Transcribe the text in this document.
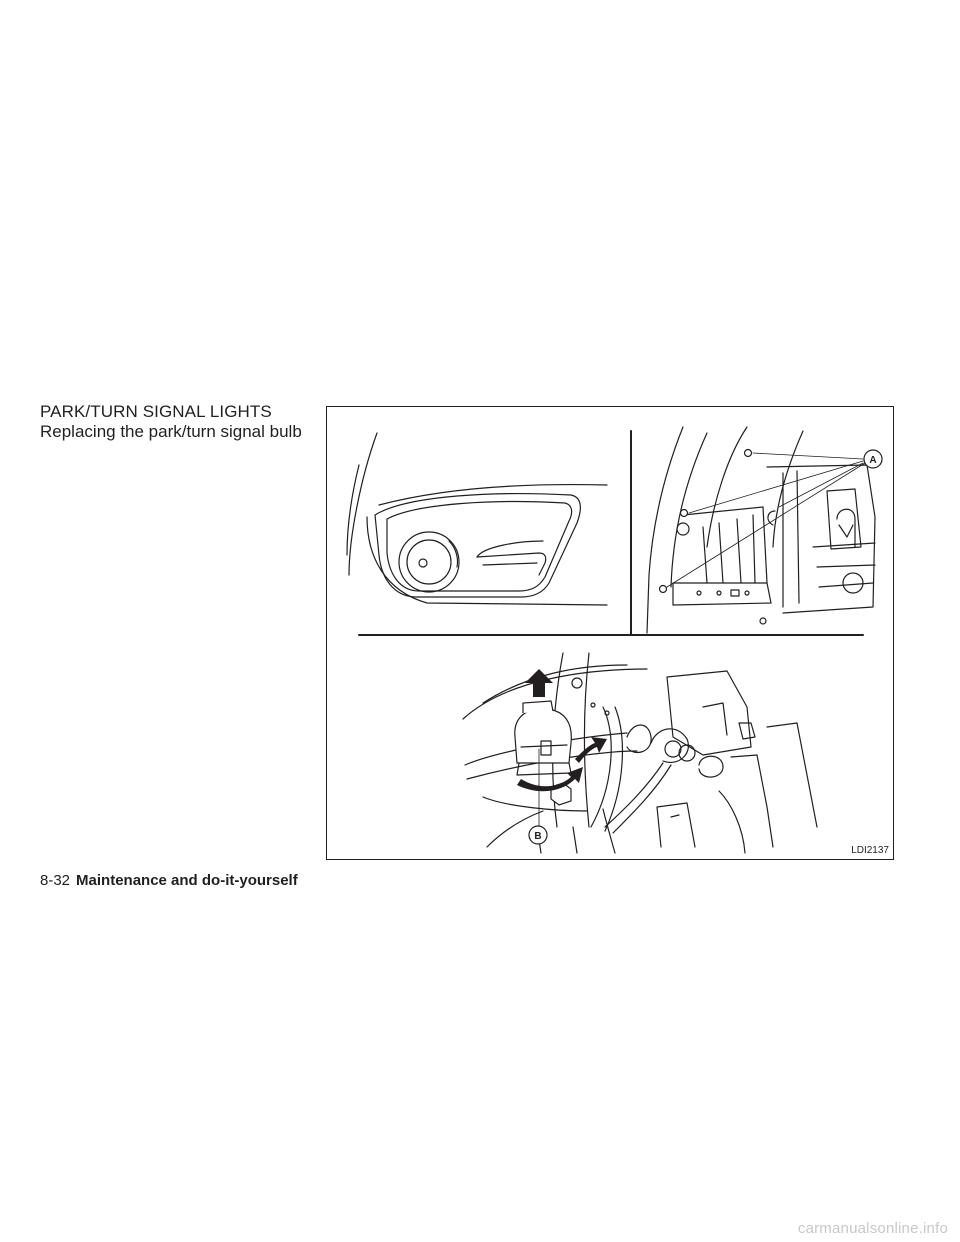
PARK/TURN SIGNAL LIGHTS
Replacing the park/turn signal bulb
A
B
LDI2137
8-32 Maintenance and do-it-yourself
carmanualsonline.info
